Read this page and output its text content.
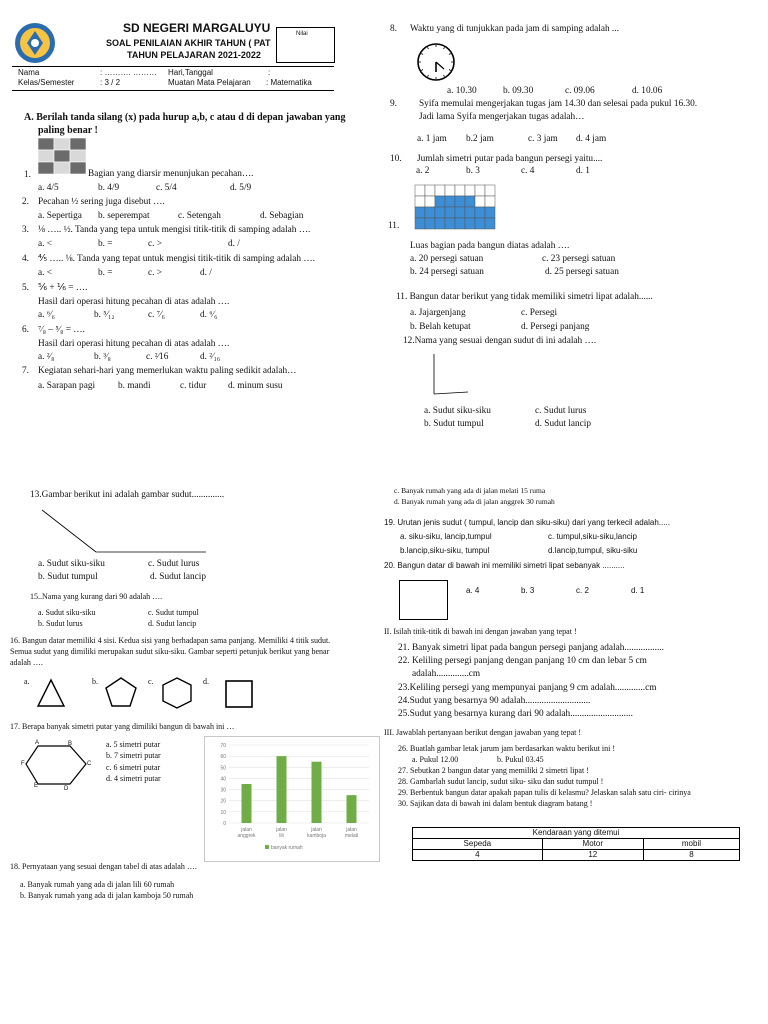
SD NEGERI MARGALUYU
SOAL PENILAIAN AKHIR TAHUN ( PAT
TAHUN PELAJARAN 2021-2022
Nilai
Nama	: ………. ……… Hari,Tanggal	:
Kelas/Semester	: 3 / 2	Muatan Mata Pelajaran : Matematika
A. Berilah tanda silang (x) pada hurup a,b, c atau d di depan jawaban yang
paling benar !
1.	Bagian yang diarsir menunjukan pecahan….
a. 4/5	b. 4/9	c. 5/4	d. 5/9
2. Pecahan ½ sering juga disebut ….
a. Sepertiga b. seperempat	c. Setengah	d. Sebagian
3. ⅛ ….. ½. Tanda yang tepa untuk mengisi titik-titik di samping adalah ….
a. <	b. =	c. >	d. /
4. ⅘ ….. ⅛. Tanda yang tepat untuk mengisi titik-titik di samping adalah ….
a. <	b. =	c. >	d. /
5. ⅚ + ⅙ = ….
Hasil dari operasi hitung pecahan di atas adalah ….
a. ⁶⁄₆	b. ⁵⁄₁₂	c. ⁷⁄₆	d. ⁶⁄₆
6. ⁷⁄₈ – ⁵⁄₈ = ….
Hasil dari operasi hitung pecahan di atas adalah ….
a. ²⁄₈	b. ³⁄₈	c. ²⁄16	d. ²⁄₁₆
7. Kegiatan sehari-hari yang memerlukan waktu paling sedikit adalah…
a. Sarapan pagi b. mandi	c. tidur d. minum susu
8. Waktu yang di tunjukkan pada jam di samping adalah ...
a. 10.30	b. 09.30	c. 09.06	d. 10.06
9. Syifa memulai mengerjakan tugas jam 14.30 dan selesai pada pukul 16.30.
Jadi lama Syifa mengerjakan tugas adalah…
a. 1 jam b.2 jam	c. 3 jam d. 4 jam
10. Jumlah simetri putar pada bangun persegi yaitu....
a. 2	b. 3	c. 4	d. 1
11.
Luas bagian pada bangun diatas adalah ….
a. 20 persegi satuan	c. 23 persegi satuan
b. 24 persegi satuan	d. 25 persegi satuan
11. Bangun datar berikut yang tidak memiliki simetri lipat adalah......
a. Jajargenjang	c. Persegi
b. Belah ketupat	d. Persegi panjang
12.Nama yang sesuai dengan sudut di ini adalah ….
a. Sudut siku-siku	c. Sudut lurus
b. Sudut tumpul	d. Sudut lancip
13.Gambar berikut ini adalah gambar sudut..............
a. Sudut siku-siku	c. Sudut lurus
b. Sudut tumpul	d. Sudut lancip
15..Nama yang kurang dari 90 adalah ….
a. Sudut siku-siku	c. Sudut tumpul
b. Sudut lurus	d. Sudut lancip
16. Bangun datar memiliki 4 sisi. Kedua sisi yang berhadapan sama panjang. Memiliki 4 titik sudut.
Semua sudut yang dimiliki merupakan sudut siku-siku. Gambar seperti petunjuk berikut yang benar
adalah ….
a.	b.	c.	d.
17. Berapa banyak simetri putar yang dimiliki bangun di bawah ini …
A	B
C
D
E
F
a. 5 simetri putar
b. 7 simetri putar
c. 6 simetri putar
d. 4 simetri putar
0
10
20
30
40
50
60
70
jalan
anggrek
jalan
lili
jalan
kamboja
jalan
melati
banyak rumah
18. Pernyataan yang sesuai dengan tabel di atas adalah ….
a. Banyak rumah yang ada di jalan lili 60 rumah
b. Banyak rumah yang ada di jalan kamboja 50 rumah
c. Banyak rumah yang ada di jalan melati 15 ruma
d. Banyak rumah yang ada di jalan anggrek 30 rumah
19. Urutan jenis sudut ( tumpul, lancip dan siku-siku) dari yang terkecil adalah.....
a. siku-siku, lancip,tumpul	c. tumpul,siku-siku,lancip
b.lancip,siku-siku, tumpul	d.lancip,tumpul, siku-siku
20. Bangun datar di bawah ini memiliki simetri lipat sebanyak ..........
a. 4	b. 3	c. 2	d. 1
II. Isilah titik-titik di bawah ini dengan jawaban yang tepat !
21. Banyak simetri lipat pada bangun persegi panjang adalah.................
22. Keliling persegi panjang dengan panjang 10 cm dan lebar 5 cm
adalah..............cm
23.Keliling persegi yang mempunyai panjang 9 cm adalah.............cm
24.Sudut yang besarnya 90 adalah............................
25.Sudut yang besarnya kurang dari 90 adalah...........................
III. Jawablah pertanyaan berikut dengan jawaban yang tepat !
26. Buatlah gambar letak jarum jam berdasarkan waktu berikut ini !
a. Pukul 12.00	b. Pukul 03.45
27. Sebutkan 2 bangun datar yang memiliki 2 simetri lipat !
28. Gambarlah sudut lancip, sudut siku- siku dan sudut tumpul !
29. Berbentuk bangun datar apakah papan tulis di kelasmu? Jelaskan salah satu ciri- cirinya
30. Sajikan data di bawah ini dalam bentuk diagram batang !
Kendaraan yang ditemui		
Sepeda	Motor	mobil
4	12	8
